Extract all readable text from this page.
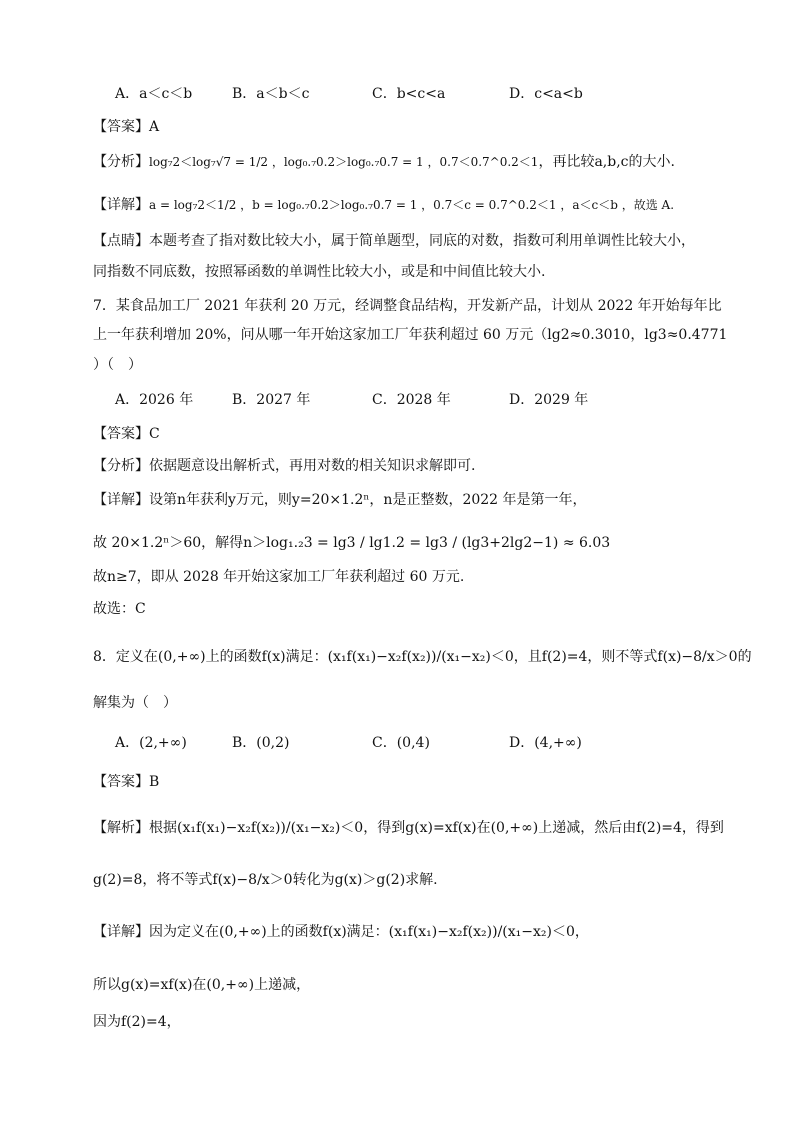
A．a＜c＜b	B．a＜b＜c	C．b<c<a	D．c<a<b
【答案】A
【分析】log₇2＜log₇√7 = 1/2 ，log₀.₇0.2＞log₀.₇0.7 = 1 ，0.7＜0.7^0.2＜1，再比较a,b,c的大小.
【详解】a = log₇2＜1/2 ，b = log₀.₇0.2＞log₀.₇0.7 = 1 ，0.7＜c = 0.7^0.2＜1 ，a＜c＜b ，故选 A.
【点睛】本题考查了指对数比较大小，属于简单题型，同底的对数，指数可利用单调性比较大小，
同指数不同底数，按照幂函数的单调性比较大小，或是和中间值比较大小.
7．某食品加工厂 2021 年获利 20 万元，经调整食品结构，开发新产品，计划从 2022 年开始每年比
上一年获利增加 20%，问从哪一年开始这家加工厂年获利超过 60 万元（lg2≈0.3010，lg3≈0.4771
）（　）
A．2026 年	B．2027 年	C．2028 年	D．2029 年
【答案】C
【分析】依据题意设出解析式，再用对数的相关知识求解即可.
【详解】设第n年获利y万元，则y=20×1.2ⁿ，n是正整数，2022 年是第一年，
故 20×1.2ⁿ＞60，解得n＞log₁.₂3 = lg3 / lg1.2 = lg3 / (lg3+2lg2−1) ≈ 6.03
故n≥7，即从 2028 年开始这家加工厂年获利超过 60 万元.
故选：C
8．定义在(0,+∞)上的函数f(x)满足：(x₁f(x₁)−x₂f(x₂))/(x₁−x₂)＜0，且f(2)=4，则不等式f(x)−8/x＞0的
解集为（　）
A．(2,+∞)	B．(0,2)	C．(0,4)	D．(4,+∞)
【答案】B
【解析】根据(x₁f(x₁)−x₂f(x₂))/(x₁−x₂)＜0，得到g(x)=xf(x)在(0,+∞)上递减，然后由f(2)=4，得到
g(2)=8，将不等式f(x)−8/x＞0转化为g(x)＞g(2)求解.
【详解】因为定义在(0,+∞)上的函数f(x)满足：(x₁f(x₁)−x₂f(x₂))/(x₁−x₂)＜0，
所以g(x)=xf(x)在(0,+∞)上递减，
因为f(2)=4，
